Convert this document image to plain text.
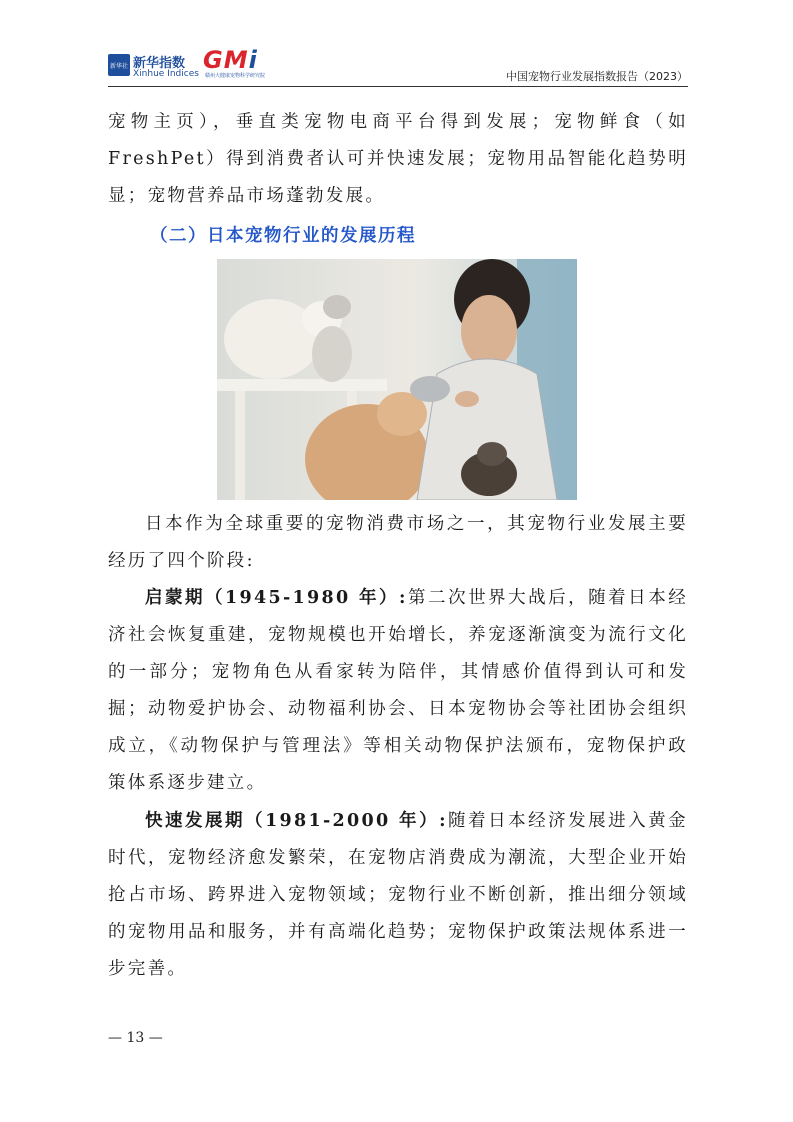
新华社 新华指数
Xinhue Indices GMi
赣州大健康宠物科学研究院	中国宠物行业发展指数报告（2023）

宠物主页），垂直类宠物电商平台得到发展；宠物鲜食（如FreshPet）得到消费者认可并快速发展；宠物用品智能化趋势明显；宠物营养品市场蓬勃发展。

（二）日本宠物行业的发展历程

日本作为全球重要的宠物消费市场之一，其宠物行业发展主要经历了四个阶段:

启蒙期（1945-1980 年）:第二次世界大战后，随着日本经济社会恢复重建，宠物规模也开始增长，养宠逐渐演变为流行文化的一部分；宠物角色从看家转为陪伴，其情感价值得到认可和发掘；动物爱护协会、动物福利协会、日本宠物协会等社团协会组织成立，《动物保护与管理法》等相关动物保护法颁布，宠物保护政策体系逐步建立。

快速发展期（1981-2000 年）:随着日本经济发展进入黄金时代，宠物经济愈发繁荣，在宠物店消费成为潮流，大型企业开始抢占市场、跨界进入宠物领域；宠物行业不断创新，推出细分领域的宠物用品和服务，并有高端化趋势；宠物保护政策法规体系进一步完善。

— 13 —
